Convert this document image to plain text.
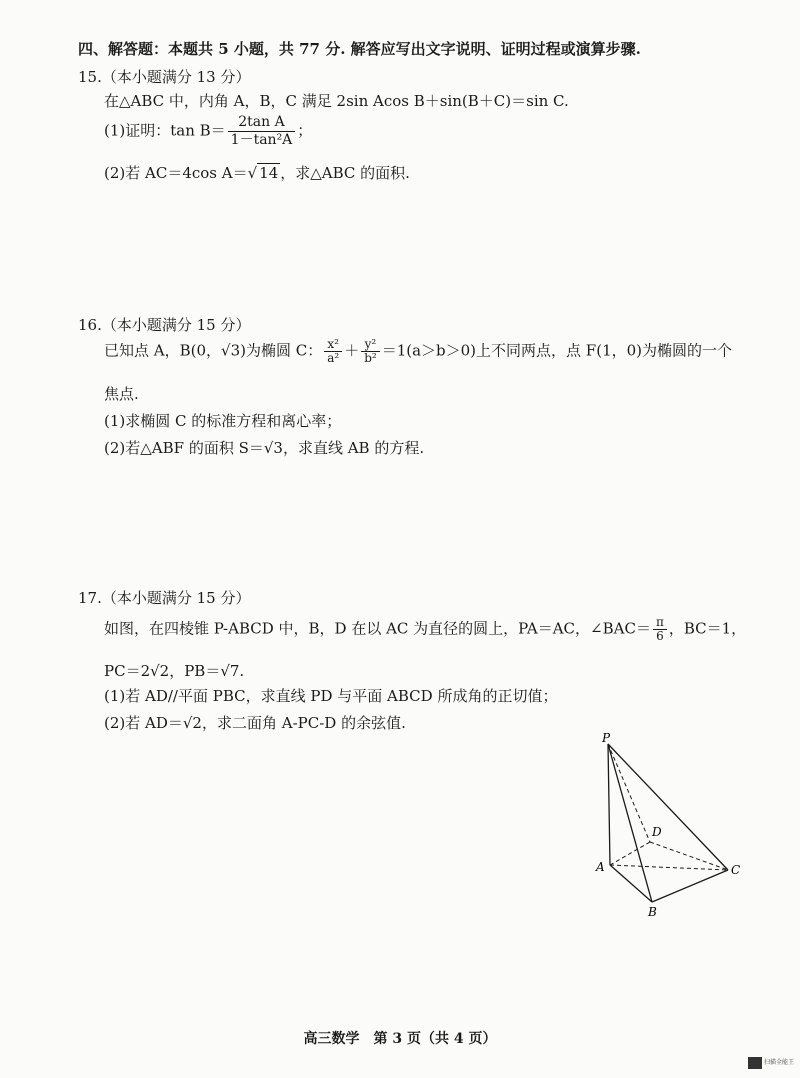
四、解答题：本题共 5 小题，共 77 分. 解答应写出文字说明、证明过程或演算步骤.
15.（本小题满分 13 分）
在△ABC 中，内角 A，B，C 满足 2sin Acos B＋sin(B＋C)＝sin C.
(1)证明：$\tan B= \frac{\text{2tan A}}{\text{1－tan²A}}$ ；
(2)若 AC＝4cos A＝√ 14 ，求△ABC 的面积.
16.（本小题满分 15 分）
已知点 A，B(0，√3)为椭圆 C： $\frac{\text{x²}}{\text{a²}} + \frac{\text{y²}}{\text{b²}} =1(a>b>0)$上不同两点，点 F(1，0)为椭圆的一个
焦点.
(1)求椭圆 C 的标准方程和离心率；
(2)若△ABF 的面积 S＝√3，求直线 AB 的方程.
17.（本小题满分 15 分）
如图，在四棱锥 P-ABCD 中，B，D 在以 AC 为直径的圆上，PA＝AC，∠BAC＝ $\frac{\pi}{6}$ ，BC＝1，
PC＝2√2，PB＝√7.
(1)若 AD//平面 PBC，求直线 PD 与平面 ABCD 所成角的正切值；
(2)若 AD＝√2，求二面角 A-PC-D 的余弦值.
P
A
B
C
D
高三数学　第 3 页（共 4 页）
扫描全能王
